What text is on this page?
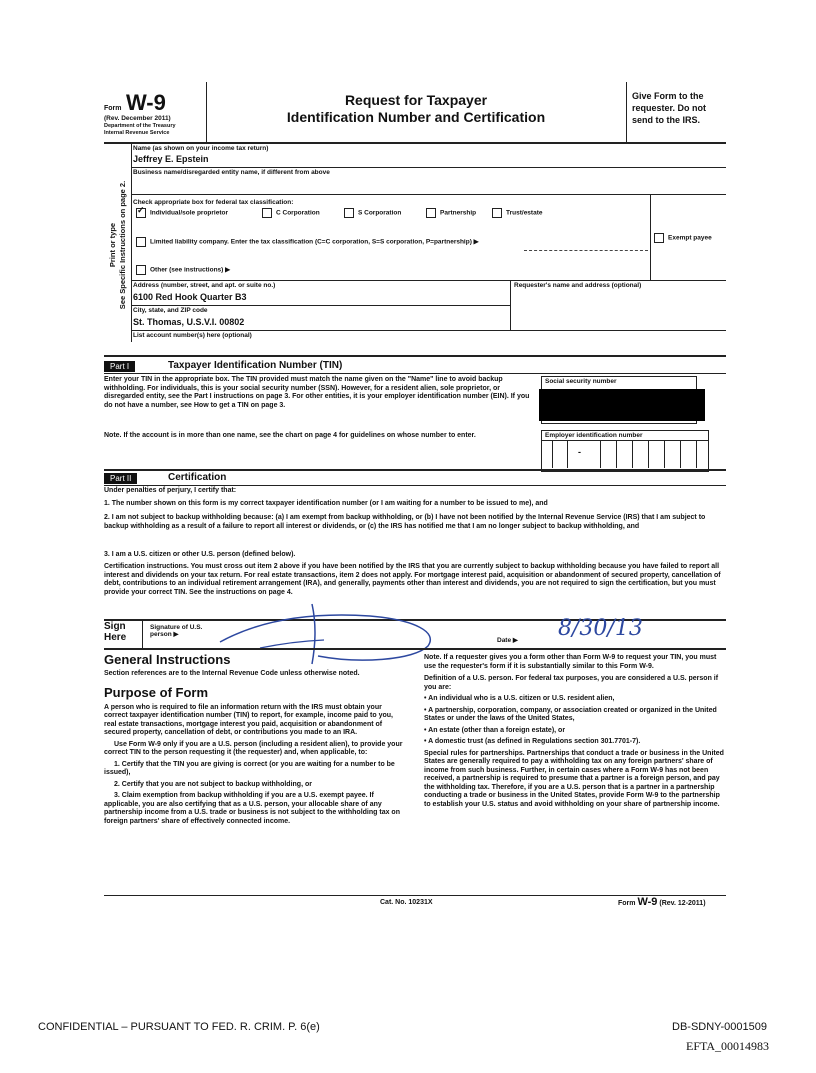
Form W-9
(Rev. December 2011)
Department of the Treasury
Internal Revenue Service
Request for Taxpayer
Identification Number and Certification
Give Form to the requester. Do not send to the IRS.
Print or type See Specific Instructions on page 2.
Name (as shown on your income tax return)
Jeffrey E. Epstein
Business name/disregarded entity name, if different from above
Check appropriate box for federal tax classification:
✓Individual/sole proprietor	C Corporation	S Corporation	Partnership	Trust/estate
Limited liability company. Enter the tax classification (C=C corporation, S=S corporation, P=partnership) ▶
Exempt payee
Other (see instructions) ▶
Address (number, street, and apt. or suite no.)
6100 Red Hook Quarter B3
Requester's name and address (optional)
City, state, and ZIP code
St. Thomas, U.S.V.I. 00802
List account number(s) here (optional)
Part I	Taxpayer Identification Number (TIN)
Enter your TIN in the appropriate box. The TIN provided must match the name given on the "Name" line to avoid backup withholding. For individuals, this is your social security number (SSN). However, for a resident alien, sole proprietor, or disregarded entity, see the Part I instructions on page 3. For other entities, it is your employer identification number (EIN). If you do not have a number, see How to get a TIN on page 3.
Note. If the account is in more than one name, see the chart on page 4 for guidelines on whose number to enter.
Social security number
Employer identification number
-
Part II	Certification
Under penalties of perjury, I certify that:
1. The number shown on this form is my correct taxpayer identification number (or I am waiting for a number to be issued to me), and
2. I am not subject to backup withholding because: (a) I am exempt from backup withholding, or (b) I have not been notified by the Internal Revenue Service (IRS) that I am subject to backup withholding as a result of a failure to report all interest or dividends, or (c) the IRS has notified me that I am no longer subject to backup withholding, and
3. I am a U.S. citizen or other U.S. person (defined below).
Certification instructions. You must cross out item 2 above if you have been notified by the IRS that you are currently subject to backup withholding because you have failed to report all interest and dividends on your tax return. For real estate transactions, item 2 does not apply. For mortgage interest paid, acquisition or abandonment of secured property, cancellation of debt, contributions to an individual retirement arrangement (IRA), and generally, payments other than interest and dividends, you are not required to sign the certification, but you must provide your correct TIN. See the instructions on page 4.
Sign Here
Signature of U.S. person ▶
Date ▶ 8/30/13
General Instructions
Section references are to the Internal Revenue Code unless otherwise noted.
Purpose of Form
A person who is required to file an information return with the IRS must obtain your correct taxpayer identification number (TIN) to report, for example, income paid to you, real estate transactions, mortgage interest you paid, acquisition or abandonment of secured property, cancellation of debt, or contributions you made to an IRA.
Use Form W-9 only if you are a U.S. person (including a resident alien), to provide your correct TIN to the person requesting it (the requester) and, when applicable, to:
1. Certify that the TIN you are giving is correct (or you are waiting for a number to be issued),
2. Certify that you are not subject to backup withholding, or
3. Claim exemption from backup withholding if you are a U.S. exempt payee. If applicable, you are also certifying that as a U.S. person, your allocable share of any partnership income from a U.S. trade or business is not subject to the withholding tax on foreign partners' share of effectively connected income.
Note. If a requester gives you a form other than Form W-9 to request your TIN, you must use the requester's form if it is substantially similar to this Form W-9.
Definition of a U.S. person. For federal tax purposes, you are considered a U.S. person if you are:
• An individual who is a U.S. citizen or U.S. resident alien,
• A partnership, corporation, company, or association created or organized in the United States or under the laws of the United States,
• An estate (other than a foreign estate), or
• A domestic trust (as defined in Regulations section 301.7701-7).
Special rules for partnerships. Partnerships that conduct a trade or business in the United States are generally required to pay a withholding tax on any foreign partners' share of income from such business. Further, in certain cases where a Form W-9 has not been received, a partnership is required to presume that a partner is a foreign person, and pay the withholding tax. Therefore, if you are a U.S. person that is a partner in a partnership conducting a trade or business in the United States, provide Form W-9 to the partnership to establish your U.S. status and avoid withholding on your share of partnership income.
Cat. No. 10231X	Form W-9 (Rev. 12-2011)
CONFIDENTIAL – PURSUANT TO FED. R. CRIM. P. 6(e)	DB-SDNY-0001509
EFTA_00014983
